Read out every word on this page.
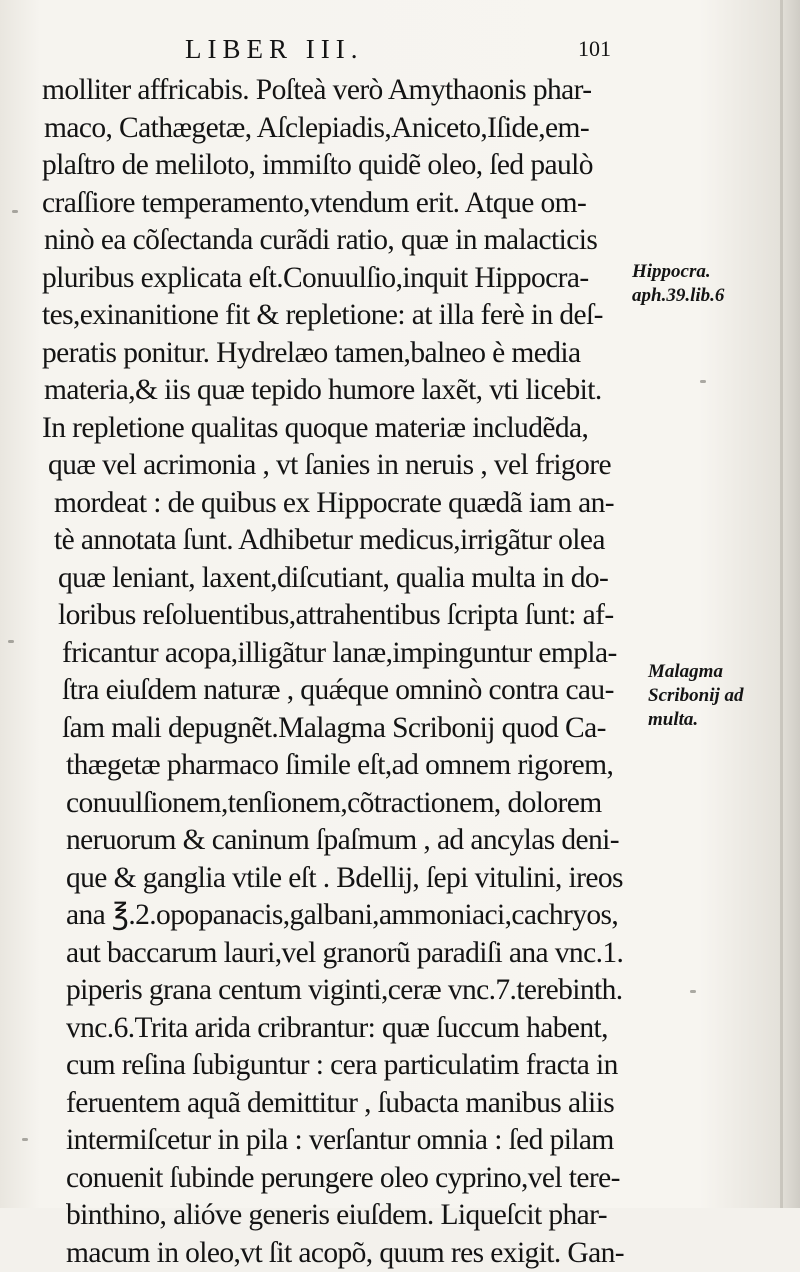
LIBER III.	101
molliter affricabis. Poſteà verò Amythaonis phar-
maco, Cathægetæ, Aſclepiadis,Aniceto,Iſide,em-
plaſtro de meliloto, immiſto quidẽ oleo, ſed paulò
craſſiore temperamento,vtendum erit. Atque om-
ninò ea cõſectanda curãdi ratio, quæ in malacticis
pluribus explicata eſt.Conuulſio,inquit Hippocra-
tes,exinanitione fit & repletione: at illa ferè in deſ-
peratis ponitur. Hydrelæo tamen,balneo è media
materia,& iis quæ tepido humore laxẽt, vti licebit.
In repletione qualitas quoque materiæ includẽda,
quæ vel acrimonia , vt ſanies in neruis , vel frigore
mordeat : de quibus ex Hippocrate quædã iam an-
tè annotata ſunt. Adhibetur medicus,irrigãtur olea
quæ leniant, laxent,diſcutiant, qualia multa in do-
loribus reſoluentibus,attrahentibus ſcripta ſunt: af-
fricantur acopa,illigãtur lanæ,impinguntur empla-
ſtra eiuſdem naturæ , quǽque omninò contra cau-
ſam mali depugnẽt.Malagma Scribonij quod Ca-
thægetæ pharmaco ſimile eſt,ad omnem rigorem,
conuulſionem,tenſionem,cõtractionem, dolorem
neruorum & caninum ſpaſmum , ad ancylas deni-
que & ganglia vtile eſt . Bdellij, ſepi vitulini, ireos
ana ℥.2.opopanacis,galbani,ammoniaci,cachryos,
aut baccarum lauri,vel granorũ paradiſi ana vnc.1.
piperis grana centum viginti,ceræ vnc.7.terebinth.
vnc.6.Trita arida cribrantur: quæ ſuccum habent,
cum reſina ſubiguntur : cera particulatim fracta in
feruentem aquã demittitur , ſubacta manibus aliis
intermiſcetur in pila : verſantur omnia : ſed pilam
conuenit ſubinde perungere oleo cyprino,vel tere-
binthino, alióve generis eiuſdem. Liqueſcit phar-
macum in oleo,vt ſit acopõ, quum res exigit. Gan-
Hippocra.
aph.39.lib.6
Malagma
Scribonij ad
multa.
